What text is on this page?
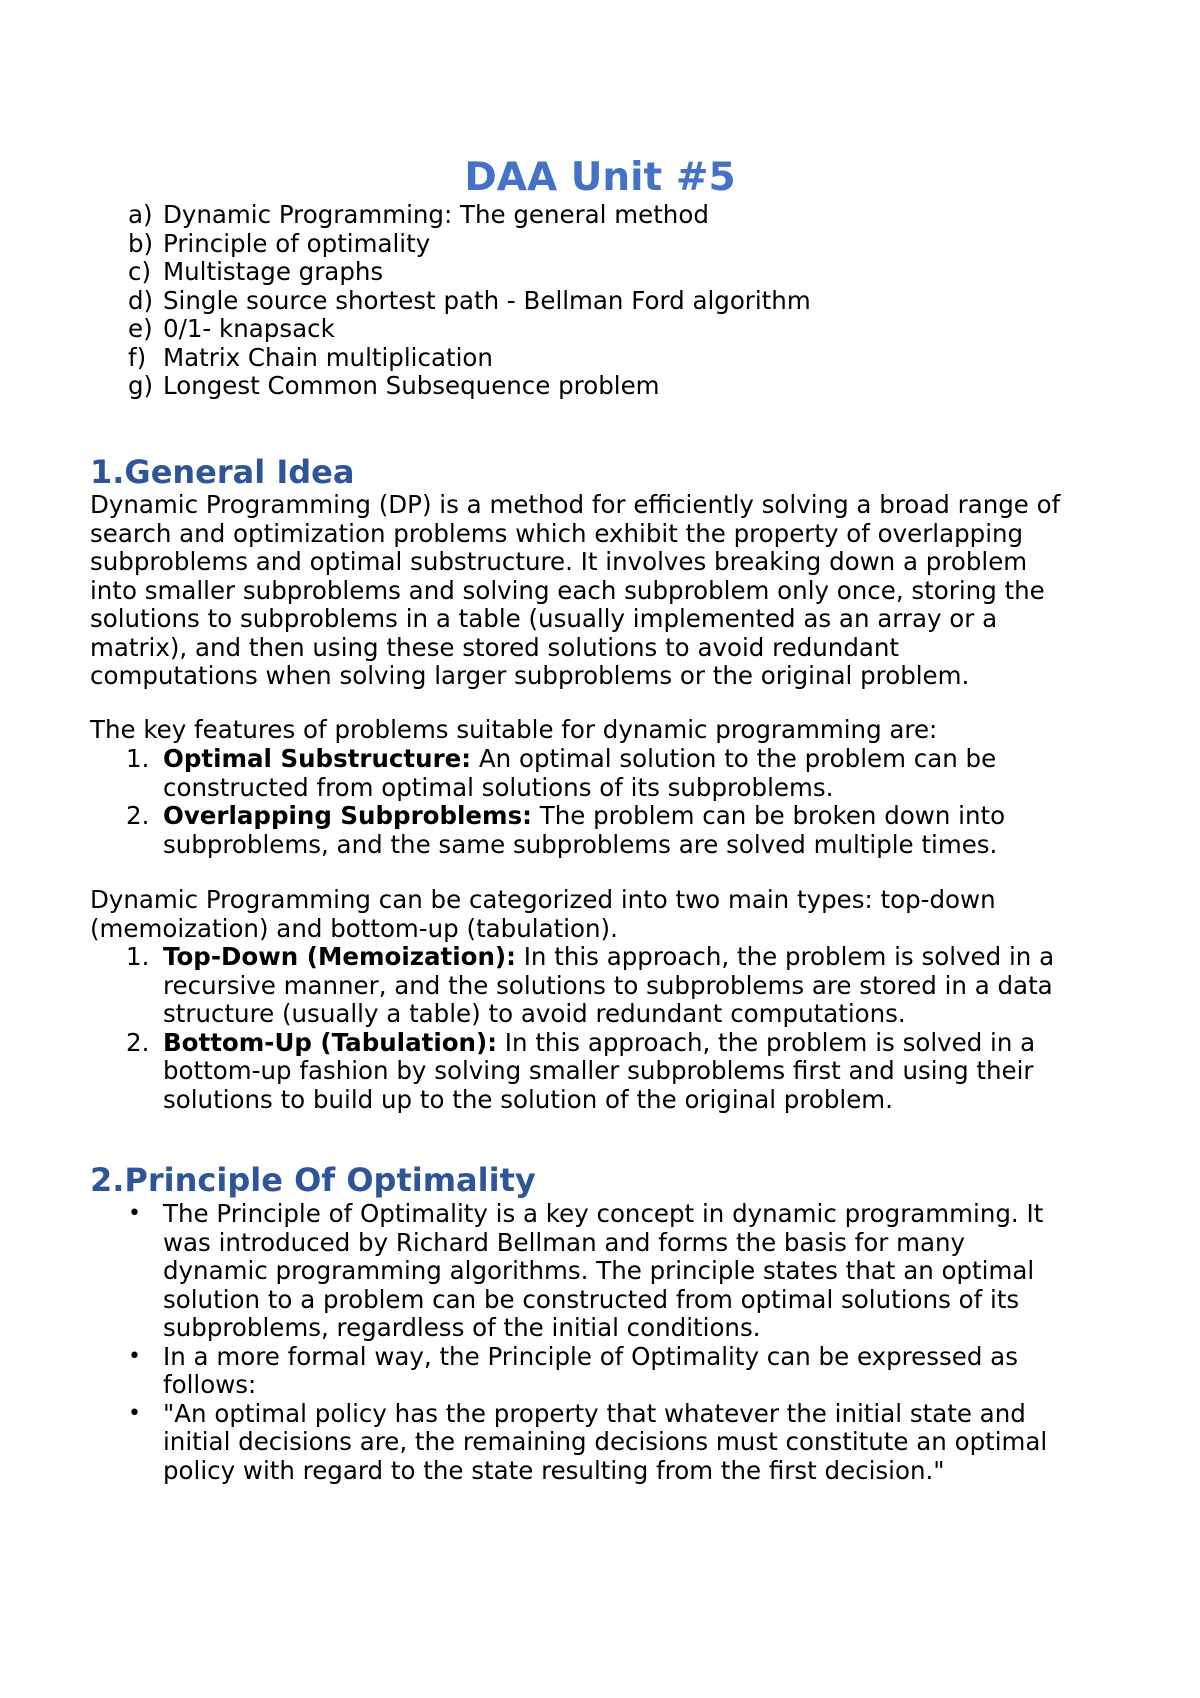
DAA Unit #5
a) Dynamic Programming: The general method
b) Principle of optimality
c) Multistage graphs
d) Single source shortest path - Bellman Ford algorithm
e) 0/1- knapsack
f) Matrix Chain multiplication
g) Longest Common Subsequence problem
1.General Idea

Dynamic Programming (DP) is a method for efficiently solving a broad range of
search and optimization problems which exhibit the property of overlapping
subproblems and optimal substructure. It involves breaking down a problem
into smaller subproblems and solving each subproblem only once, storing the
solutions to subproblems in a table (usually implemented as an array or a
matrix), and then using these stored solutions to avoid redundant
computations when solving larger subproblems or the original problem.

The key features of problems suitable for dynamic programming are:

1. Optimal Substructure: An optimal solution to the problem can be
constructed from optimal solutions of its subproblems.
2. Overlapping Subproblems: The problem can be broken down into
subproblems, and the same subproblems are solved multiple times.

Dynamic Programming can be categorized into two main types: top-down
(memoization) and bottom-up (tabulation).

1. Top-Down (Memoization): In this approach, the problem is solved in a
recursive manner, and the solutions to subproblems are stored in a data
structure (usually a table) to avoid redundant computations.
2. Bottom-Up (Tabulation): In this approach, the problem is solved in a
bottom-up fashion by solving smaller subproblems first and using their
solutions to build up to the solution of the original problem.
2.Principle Of Optimality
• The Principle of Optimality is a key concept in dynamic programming. It
was introduced by Richard Bellman and forms the basis for many
dynamic programming algorithms. The principle states that an optimal
solution to a problem can be constructed from optimal solutions of its
subproblems, regardless of the initial conditions.
• In a more formal way, the Principle of Optimality can be expressed as
follows:
• "An optimal policy has the property that whatever the initial state and
initial decisions are, the remaining decisions must constitute an optimal
policy with regard to the state resulting from the first decision."
